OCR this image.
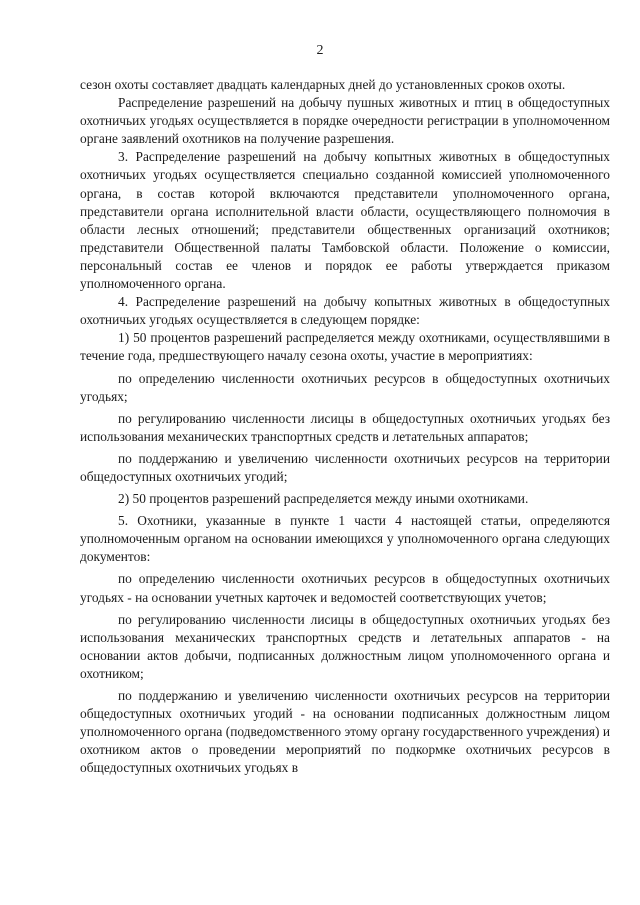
2

сезон охоты составляет двадцать календарных дней до установленных сроков охоты.

Распределение разрешений на добычу пушных животных и птиц в общедоступных охотничьих угодьях осуществляется в порядке очередности регистрации в уполномоченном органе заявлений охотников на получение разрешения.

3. Распределение разрешений на добычу копытных животных в общедоступных охотничьих угодьях осуществляется специально созданной комиссией уполномоченного органа, в состав которой включаются представители уполномоченного органа, представители органа исполнительной власти области, осуществляющего полномочия в области лесных отношений; представители общественных организаций охотников; представители Общественной палаты Тамбовской области. Положение о комиссии, персональный состав ее членов и порядок ее работы утверждается приказом уполномоченного органа.

4. Распределение разрешений на добычу копытных животных в общедоступных охотничьих угодьях осуществляется в следующем порядке:

1) 50 процентов разрешений распределяется между охотниками, осуществлявшими в течение года, предшествующего началу сезона охоты, участие в мероприятиях:

по определению численности охотничьих ресурсов в общедоступных охотничьих угодьях;

по регулированию численности лисицы в общедоступных охотничьих угодьях без использования механических транспортных средств и летательных аппаратов;

по поддержанию и увеличению численности охотничьих ресурсов на территории общедоступных охотничьих угодий;

2) 50 процентов разрешений распределяется между иными охотниками.

5. Охотники, указанные в пункте 1 части 4 настоящей статьи, определяются уполномоченным органом на основании имеющихся у уполномоченного органа следующих документов:

по определению численности охотничьих ресурсов в общедоступных охотничьих угодьях - на основании учетных карточек и ведомостей соответствующих учетов;

по регулированию численности лисицы в общедоступных охотничьих угодьях без использования механических транспортных средств и летательных аппаратов - на основании актов добычи, подписанных должностным лицом уполномоченного органа и охотником;

по поддержанию и увеличению численности охотничьих ресурсов на территории общедоступных охотничьих угодий - на основании подписанных должностным лицом уполномоченного органа (подведомственного этому органу государственного учреждения) и охотником актов о проведении мероприятий по подкормке охотничьих ресурсов в общедоступных охотничьих угодьях в
